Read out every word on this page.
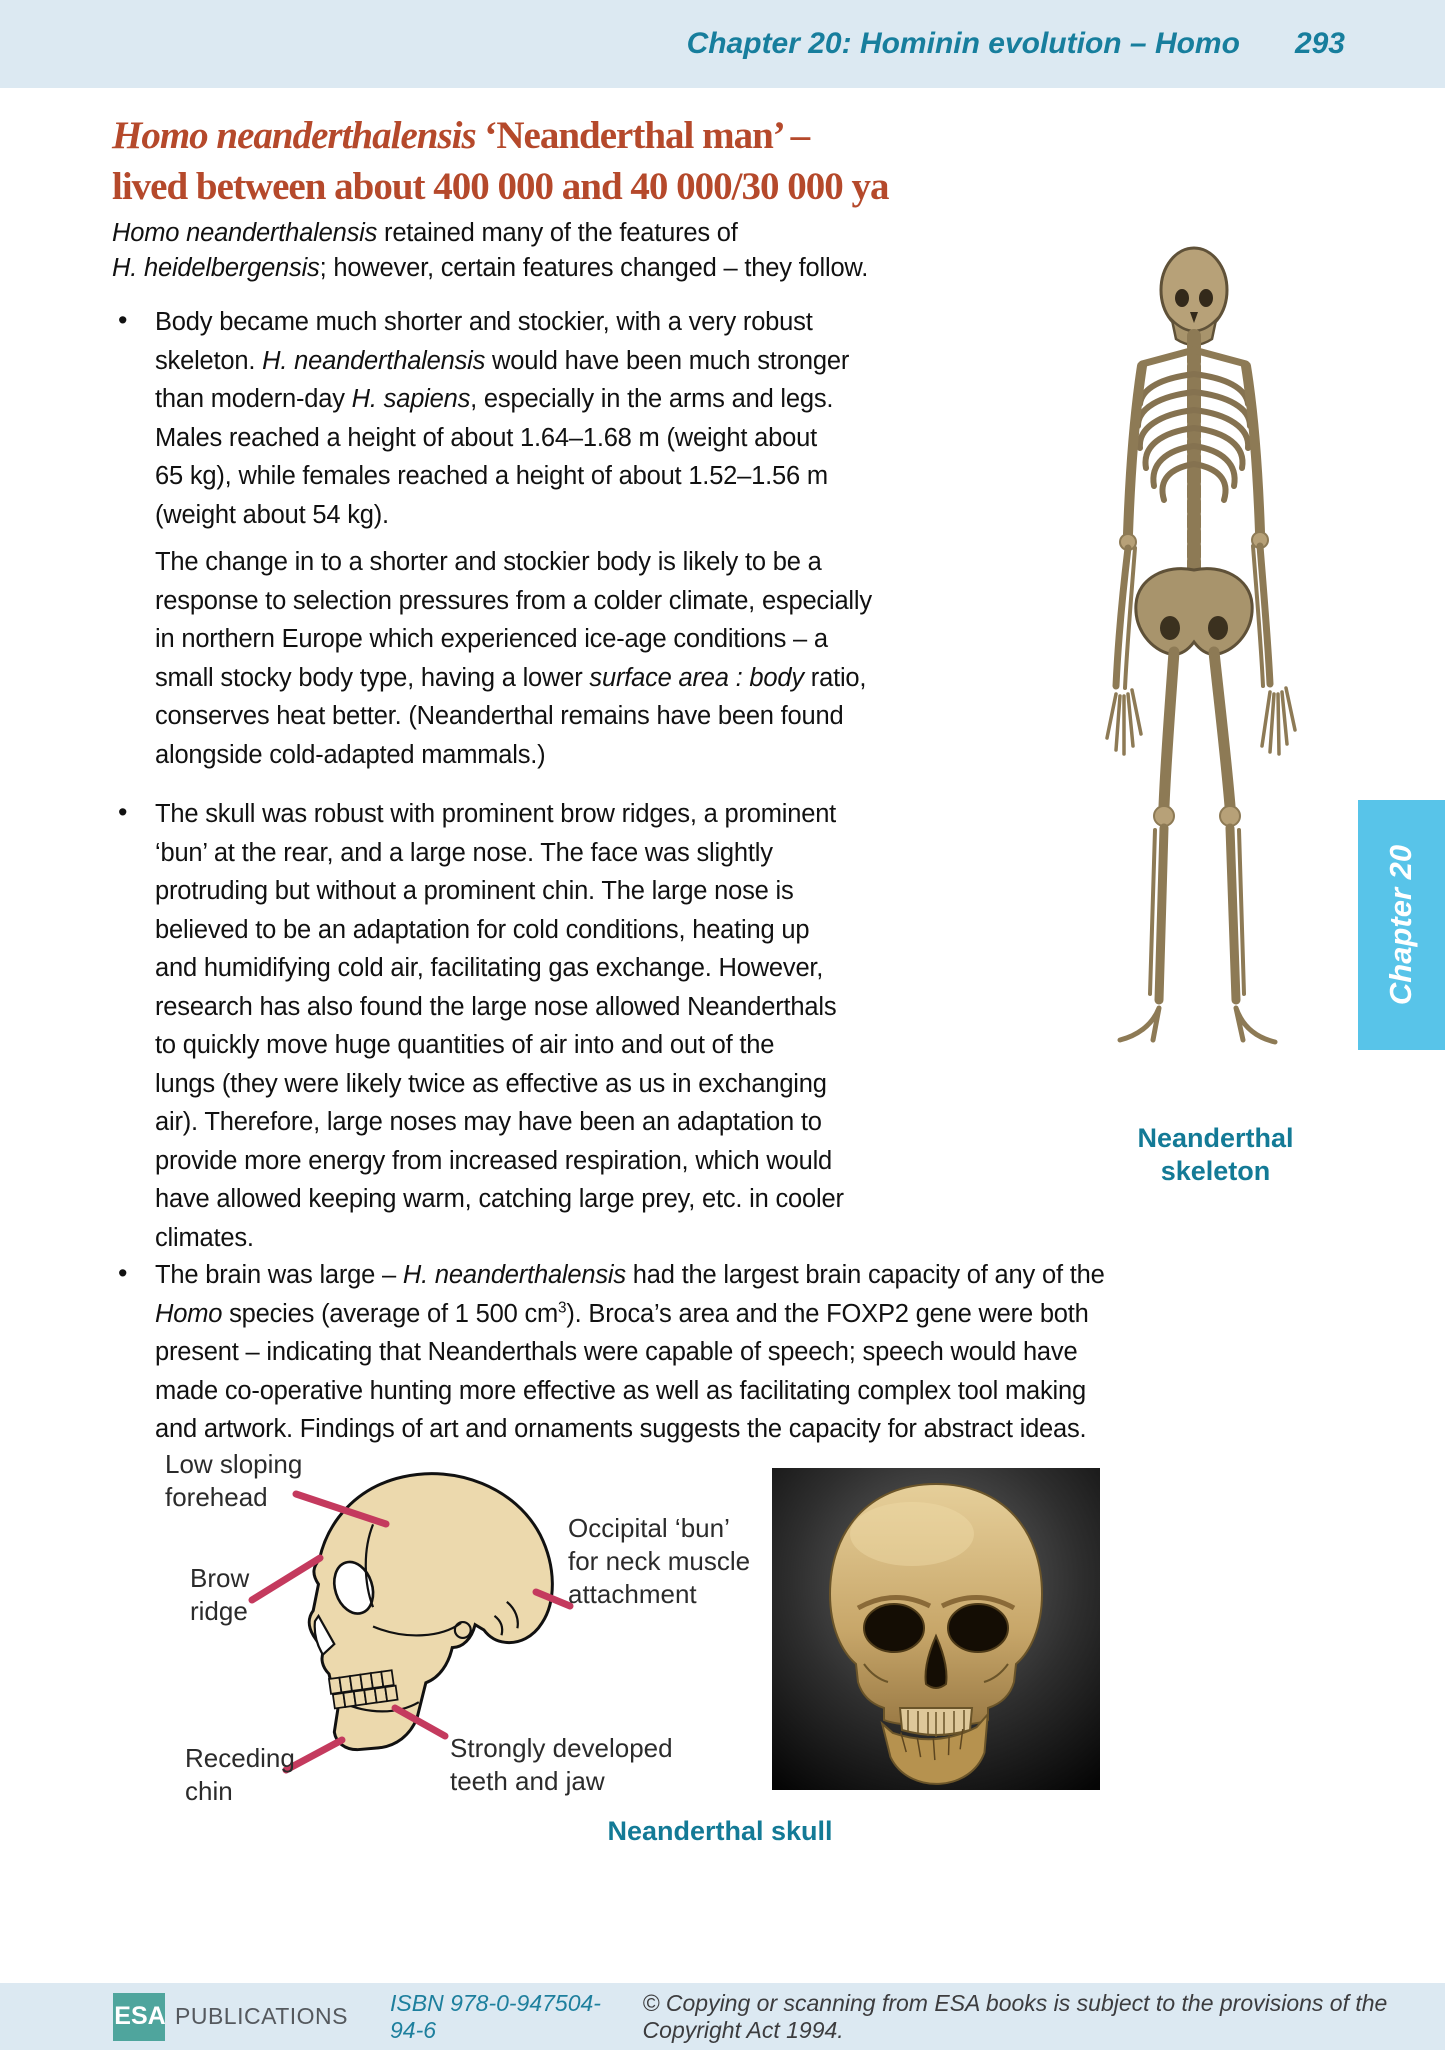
Chapter 20: Hominin evolution – Homo 293
Homo neanderthalensis ‘Neanderthal man’ –
lived between about 400 000 and 40 000/30 000 ya
Homo neanderthalensis retained many of the features of
H. heidelbergensis; however, certain features changed – they follow.
• Body became much shorter and stockier, with a very robust
skeleton. H. neanderthalensis would have been much stronger
than modern-day H. sapiens, especially in the arms and legs.
Males reached a height of about 1.64–1.68 m (weight about
65 kg), while females reached a height of about 1.52–1.56 m
(weight about 54 kg).
The change in to a shorter and stockier body is likely to be a
response to selection pressures from a colder climate, especially
in northern Europe which experienced ice-age conditions – a
small stocky body type, having a lower surface area : body ratio,
conserves heat better. (Neanderthal remains have been found
alongside cold-adapted mammals.)
• The skull was robust with prominent brow ridges, a prominent
‘bun’ at the rear, and a large nose. The face was slightly
protruding but without a prominent chin. The large nose is
believed to be an adaptation for cold conditions, heating up
and humidifying cold air, facilitating gas exchange. However,
research has also found the large nose allowed Neanderthals
to quickly move huge quantities of air into and out of the
lungs (they were likely twice as effective as us in exchanging
air). Therefore, large noses may have been an adaptation to
provide more energy from increased respiration, which would
have allowed keeping warm, catching large prey, etc. in cooler
climates.
• The brain was large – H. neanderthalensis had the largest brain capacity of any of the
Homo species (average of 1 500 $cm^3$). Broca’s area and the FOXP2 gene were both
present – indicating that Neanderthals were capable of speech; speech would have
made co-operative hunting more effective as well as facilitating complex tool making
and artwork. Findings of art and ornaments suggests the capacity for abstract ideas.
Neanderthal
skeleton
Chapter 20
Low sloping
forehead
Brow
ridge
Receding
chin
Occipital ‘bun’
for neck muscle
attachment
Strongly developed
teeth and jaw
Neanderthal skull
ESA PUBLICATIONS
ISBN 978-0-947504-94-6
© Copying or scanning from ESA books is subject to the provisions of the Copyright Act 1994.
